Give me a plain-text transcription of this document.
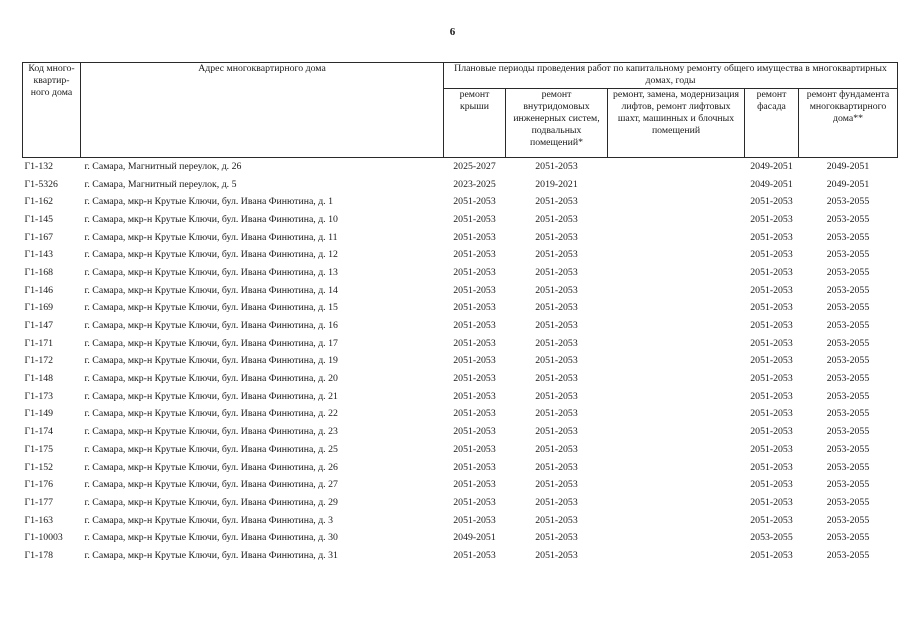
6
Код много-квартир-ного дома	Адрес многоквартирного дома	Плановые периоды проведения работ по капитальному ремонту общего имущества в многоквартирных домах, годы				
		ремонт крыши	ремонт внутридомовых инженерных систем, подвальных помещений*	ремонт, замена, модернизация лифтов, ремонт лифтовых шахт, машинных и блочных помещений	ремонт фасада	ремонт фундамента многоквартирного дома**
Г1-132	г. Самара, Магнитный переулок, д. 26	2025-2027	2051-2053		2049-2051	2049-2051
Г1-5326	г. Самара, Магнитный переулок, д. 5	2023-2025	2019-2021		2049-2051	2049-2051
Г1-162	г. Самара, мкр-н Крутые Ключи, бул. Ивана Финютина, д. 1	2051-2053	2051-2053		2051-2053	2053-2055
Г1-145	г. Самара, мкр-н Крутые Ключи, бул. Ивана Финютина, д. 10	2051-2053	2051-2053		2051-2053	2053-2055
Г1-167	г. Самара, мкр-н Крутые Ключи, бул. Ивана Финютина, д. 11	2051-2053	2051-2053		2051-2053	2053-2055
Г1-143	г. Самара, мкр-н Крутые Ключи, бул. Ивана Финютина, д. 12	2051-2053	2051-2053		2051-2053	2053-2055
Г1-168	г. Самара, мкр-н Крутые Ключи, бул. Ивана Финютина, д. 13	2051-2053	2051-2053		2051-2053	2053-2055
Г1-146	г. Самара, мкр-н Крутые Ключи, бул. Ивана Финютина, д. 14	2051-2053	2051-2053		2051-2053	2053-2055
Г1-169	г. Самара, мкр-н Крутые Ключи, бул. Ивана Финютина, д. 15	2051-2053	2051-2053		2051-2053	2053-2055
Г1-147	г. Самара, мкр-н Крутые Ключи, бул. Ивана Финютина, д. 16	2051-2053	2051-2053		2051-2053	2053-2055
Г1-171	г. Самара, мкр-н Крутые Ключи, бул. Ивана Финютина, д. 17	2051-2053	2051-2053		2051-2053	2053-2055
Г1-172	г. Самара, мкр-н Крутые Ключи, бул. Ивана Финютина, д. 19	2051-2053	2051-2053		2051-2053	2053-2055
Г1-148	г. Самара, мкр-н Крутые Ключи, бул. Ивана Финютина, д. 20	2051-2053	2051-2053		2051-2053	2053-2055
Г1-173	г. Самара, мкр-н Крутые Ключи, бул. Ивана Финютина, д. 21	2051-2053	2051-2053		2051-2053	2053-2055
Г1-149	г. Самара, мкр-н Крутые Ключи, бул. Ивана Финютина, д. 22	2051-2053	2051-2053		2051-2053	2053-2055
Г1-174	г. Самара, мкр-н Крутые Ключи, бул. Ивана Финютина, д. 23	2051-2053	2051-2053		2051-2053	2053-2055
Г1-175	г. Самара, мкр-н Крутые Ключи, бул. Ивана Финютина, д. 25	2051-2053	2051-2053		2051-2053	2053-2055
Г1-152	г. Самара, мкр-н Крутые Ключи, бул. Ивана Финютина, д. 26	2051-2053	2051-2053		2051-2053	2053-2055
Г1-176	г. Самара, мкр-н Крутые Ключи, бул. Ивана Финютина, д. 27	2051-2053	2051-2053		2051-2053	2053-2055
Г1-177	г. Самара, мкр-н Крутые Ключи, бул. Ивана Финютина, д. 29	2051-2053	2051-2053		2051-2053	2053-2055
Г1-163	г. Самара, мкр-н Крутые Ключи, бул. Ивана Финютина, д. 3	2051-2053	2051-2053		2051-2053	2053-2055
Г1-10003	г. Самара, мкр-н Крутые Ключи, бул. Ивана Финютина, д. 30	2049-2051	2051-2053		2053-2055	2053-2055
Г1-178	г. Самара, мкр-н Крутые Ключи, бул. Ивана Финютина, д. 31	2051-2053	2051-2053		2051-2053	2053-2055
